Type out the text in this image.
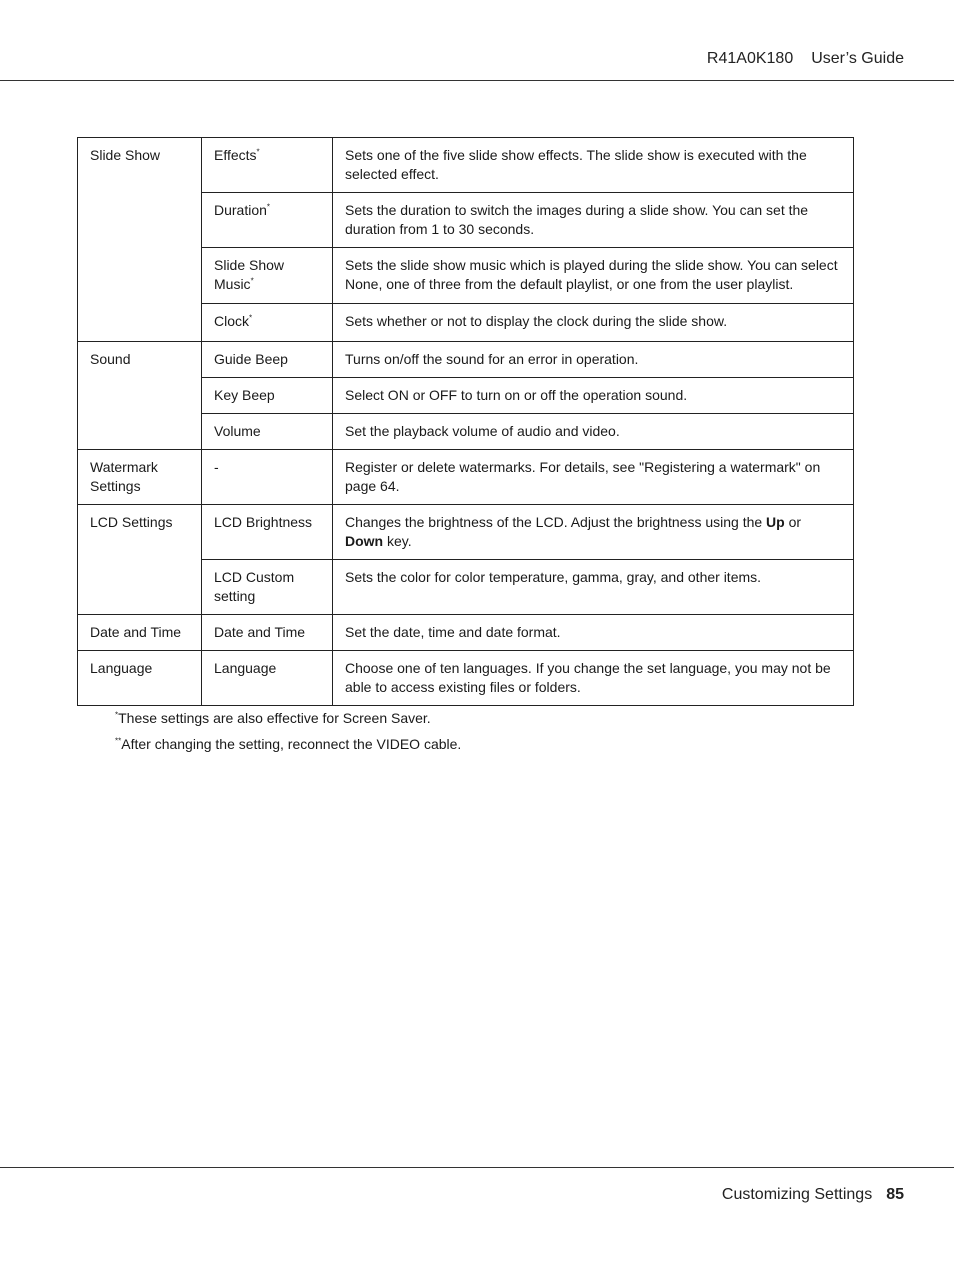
R41A0K180 User’s Guide
Slide Show	Effects*	Sets one of the five slide show effects. The slide show is executed with the selected effect.
	Duration*	Sets the duration to switch the images during a slide show. You can set the duration from 1 to 30 seconds.
	Slide Show Music*	Sets the slide show music which is played during the slide show. You can select None, one of three from the default playlist, or one from the user playlist.
	Clock*	Sets whether or not to display the clock during the slide show.
Sound	Guide Beep	Turns on/off the sound for an error in operation.
	Key Beep	Select ON or OFF to turn on or off the operation sound.
	Volume	Set the playback volume of audio and video.
Watermark Settings	-	Register or delete watermarks. For details, see "Registering a watermark" on page 64.
LCD Settings	LCD Brightness	Changes the brightness of the LCD. Adjust the brightness using the Up or Down key.
	LCD Custom setting	Sets the color for color temperature, gamma, gray, and other items.
Date and Time	Date and Time	Set the date, time and date format.
Language	Language	Choose one of ten languages. If you change the set language, you may not be able to access existing files or folders.
*These settings are also effective for Screen Saver.
**After changing the setting, reconnect the VIDEO cable.
Customizing Settings 85
